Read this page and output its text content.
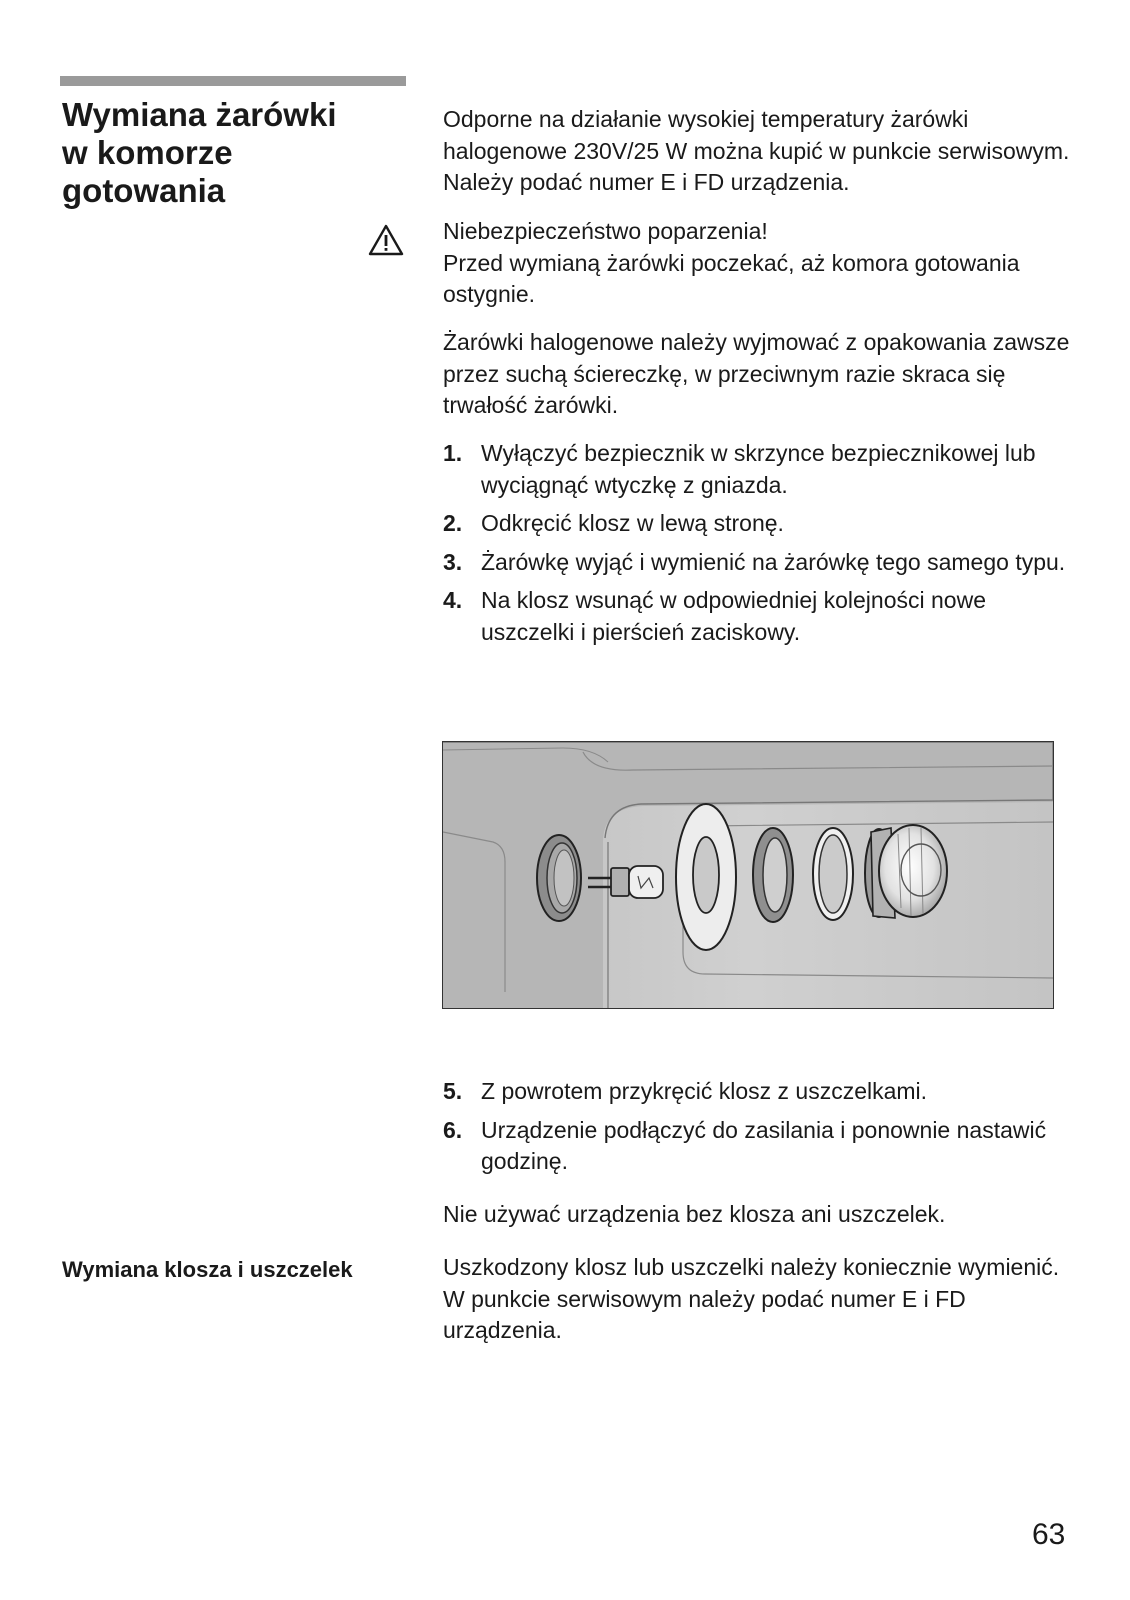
Wymiana żarówki
w komorze
gotowania

Odporne na działanie wysokiej temperatury żarówki halogenowe 230V/25 W można kupić w punkcie serwisowym. Należy podać numer E i FD urządzenia.

Niebezpieczeństwo poparzenia!

Przed wymianą żarówki poczekać, aż komora gotowania ostygnie.

Żarówki halogenowe należy wyjmować z opakowania zawsze przez suchą ściereczkę, w przeciwnym razie skraca się trwałość żarówki.

1. Wyłączyć bezpiecznik w skrzynce bezpiecznikowej lub wyciągnąć wtyczkę z gniazda.
2. Odkręcić klosz w lewą stronę.
3. Żarówkę wyjąć i wymienić na żarówkę tego samego typu.
4. Na klosz wsunąć w odpowiedniej kolejności nowe uszczelki i pierścień zaciskowy.
5. Z powrotem przykręcić klosz z uszczelkami.
6. Urządzenie podłączyć do zasilania i ponownie nastawić godzinę.

Nie używać urządzenia bez klosza ani uszczelek.

Wymiana klosza i uszczelek	Uszkodzony klosz lub uszczelki należy koniecznie wymienić. W punkcie serwisowym należy podać numer E i FD urządzenia.

63
